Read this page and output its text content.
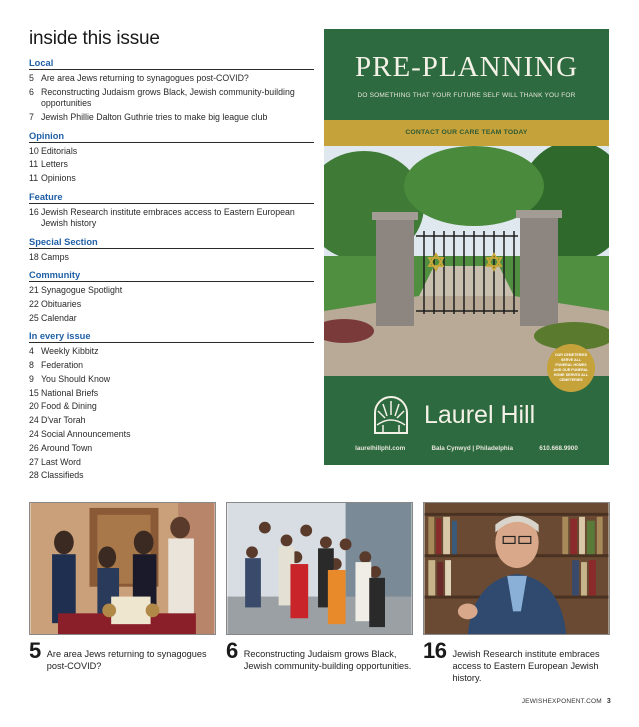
inside this issue
Local
5 Are area Jews returning to synagogues post-COVID?
6 Reconstructing Judaism grows Black, Jewish community-building opportunities
7 Jewish Phillie Dalton Guthrie tries to make big league club
Opinion
10 Editorials
11 Letters
11 Opinions
Feature
16 Jewish Research institute embraces access to Eastern European Jewish history
Special Section
18 Camps
Community
21 Synagogue Spotlight
22 Obituaries
25 Calendar
In every issue
4 Weekly Kibbitz
8 Federation
9 You Should Know
15 National Briefs
20 Food & Dining
24 D'var Torah
24 Social Announcements
26 Around Town
27 Last Word
28 Classifieds
PRE-PLANNING
DO SOMETHING THAT YOUR FUTURE SELF WILL THANK YOU FOR
CONTACT OUR CARE TEAM TODAY
OUR CEMETERIES SERVE ALL FUNERAL HOMES AND OUR FUNERAL HOME SERVES ALL CEMETERIES
Laurel Hill
laurelhillphl.com	Bala Cynwyd | Philadelphia	610.668.9900
5 Are area Jews returning to synagogues post-COVID?
6 Reconstructing Judaism grows Black, Jewish community-building opportunities.
16 Jewish Research institute embraces access to Eastern European Jewish history.
JEWISHEXPONENT.COM 3
